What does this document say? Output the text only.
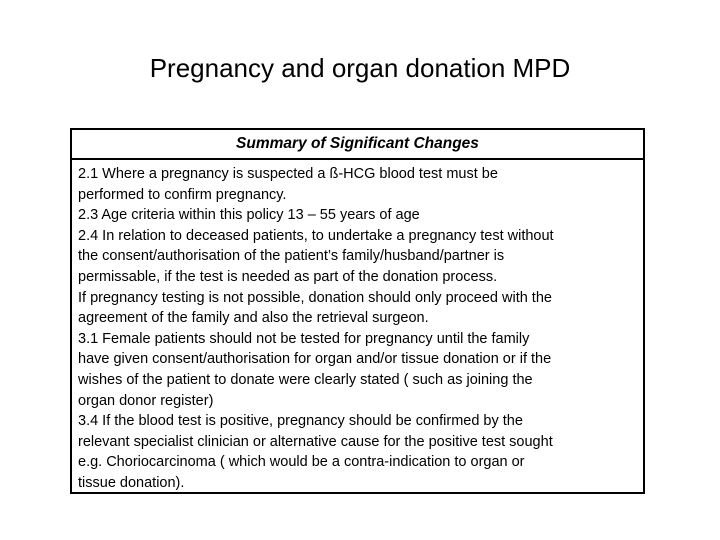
Pregnancy and organ donation MPD
Summary of Significant Changes
2.1 Where a pregnancy is suspected a ß-HCG blood test must be
performed to confirm pregnancy.
2.3 Age criteria within this policy 13 – 55 years of age
2.4 In relation to deceased patients, to undertake a pregnancy test without
the consent/authorisation of the patient’s family/husband/partner is
permissable, if the test is needed as part of the donation process.
If pregnancy testing is not possible, donation should only proceed with the
agreement of the family and also the retrieval surgeon.
3.1 Female patients should not be tested for pregnancy until the family
have given consent/authorisation for organ and/or tissue donation or if the
wishes of the patient to donate were clearly stated ( such as joining the
organ donor register)
3.4 If the blood test is positive, pregnancy should be confirmed by the
relevant specialist clinician or alternative cause for the positive test sought
e.g. Choriocarcinoma ( which would be a contra-indication to organ or
tissue donation).
